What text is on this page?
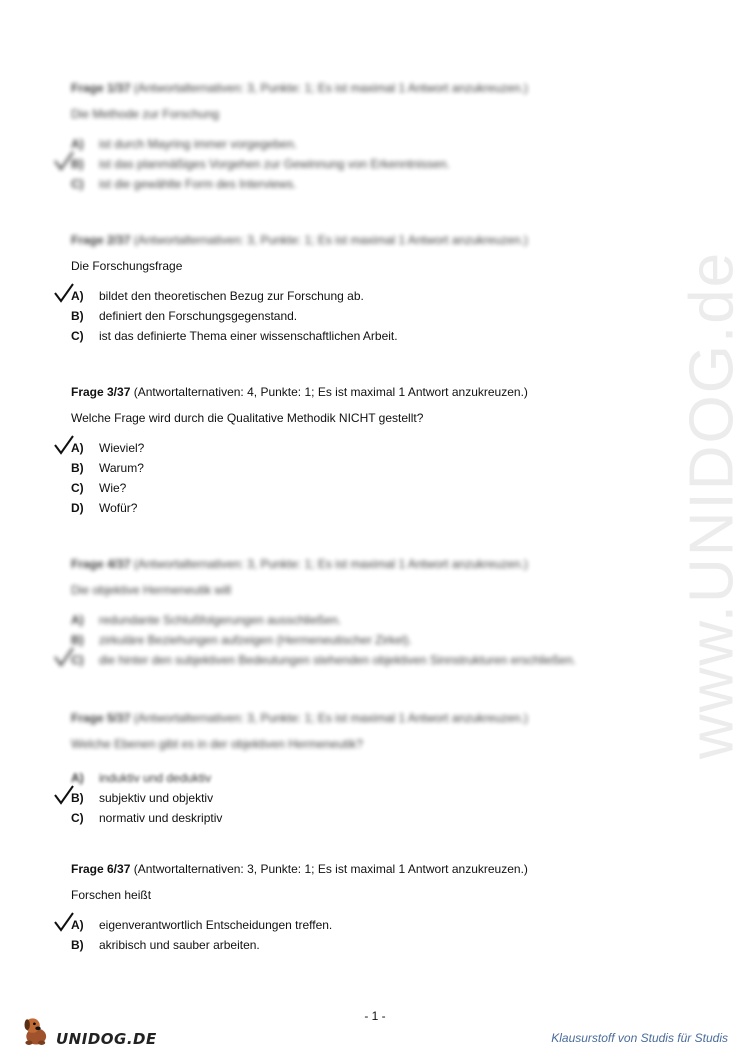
www.UNIDOG.de
Frage 1/37 (Antwortalternativen: 3, Punkte: 1; Es ist maximal 1 Antwort anzukreuzen.)
Die Methode zur Forschung
A) ist durch Mayring immer vorgegeben.
B) ist das planmäßiges Vorgehen zur Gewinnung von Erkenntnissen.
C) ist die gewählte Form des Interviews.
Frage 2/37 (Antwortalternativen: 3, Punkte: 1; Es ist maximal 1 Antwort anzukreuzen.)
Die Forschungsfrage
A) bildet den theoretischen Bezug zur Forschung ab.
B) definiert den Forschungsgegenstand.
C) ist das definierte Thema einer wissenschaftlichen Arbeit.
Frage 3/37 (Antwortalternativen: 4, Punkte: 1; Es ist maximal 1 Antwort anzukreuzen.)
Welche Frage wird durch die Qualitative Methodik NICHT gestellt?
A) Wieviel?
B) Warum?
C) Wie?
D) Wofür?
Frage 4/37 (Antwortalternativen: 3, Punkte: 1; Es ist maximal 1 Antwort anzukreuzen.)
Die objektive Hermeneutik will
A) redundante Schlußfolgerungen ausschließen.
B) zirkuläre Beziehungen aufzeigen (Hermeneutischer Zirkel).
C) die hinter den subjektiven Bedeutungen stehenden objektiven Sinnstrukturen erschließen.
Frage 5/37 (Antwortalternativen: 3, Punkte: 1; Es ist maximal 1 Antwort anzukreuzen.)
Welche Ebenen gibt es in der objektiven Hermeneutik?
A) induktiv und deduktiv
B) subjektiv und objektiv
C) normativ und deskriptiv
Frage 6/37 (Antwortalternativen: 3, Punkte: 1; Es ist maximal 1 Antwort anzukreuzen.)
Forschen heißt
A) eigenverantwortlich Entscheidungen treffen.
B) akribisch und sauber arbeiten.
- 1 -
UNIDOG.DE	Klausurstoff von Studis für Studis
